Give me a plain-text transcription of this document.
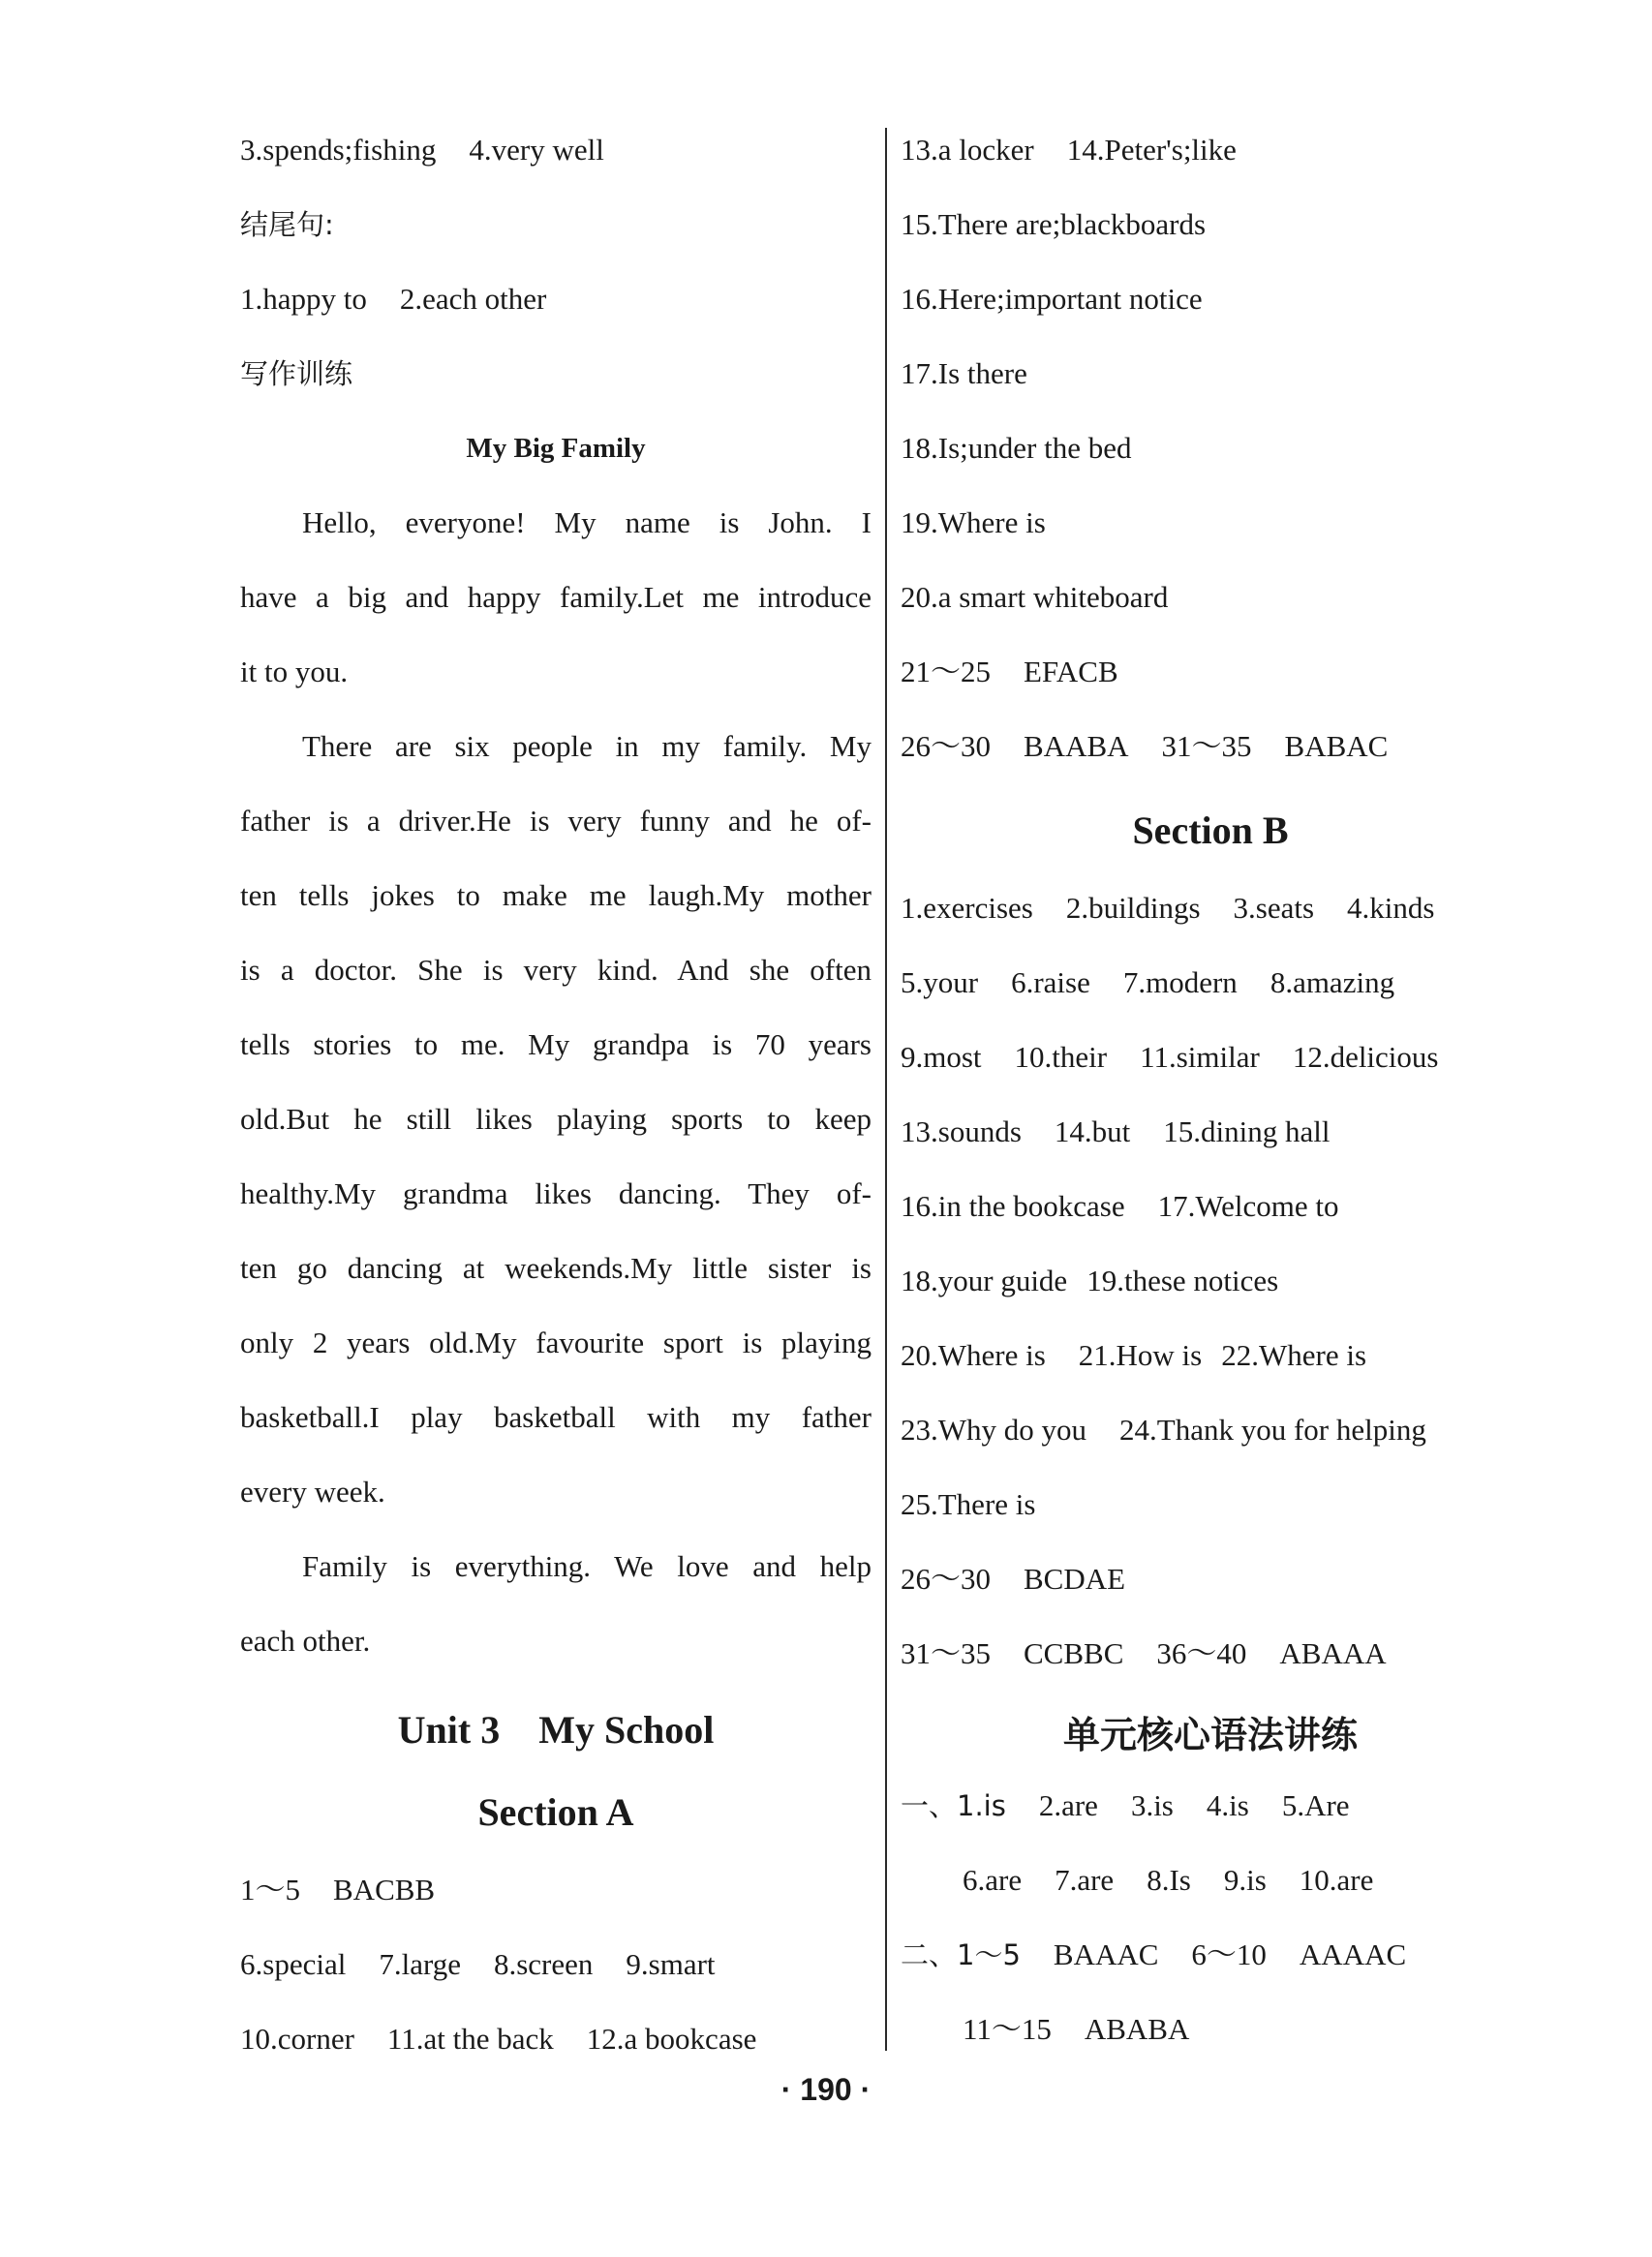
3.spends;fishing 4.very well
结尾句:
1.happy to 2.each other
写作训练
My Big Family
Hello, everyone! My name is John. I
have a big and happy family.Let me introduce
it to you.
There are six people in my family. My
father is a driver.He is very funny and he of-
ten tells jokes to make me laugh.My mother
is a doctor. She is very kind. And she often
tells stories to me. My grandpa is 70 years
old.But he still likes playing sports to keep
healthy.My grandma likes dancing. They of-
ten go dancing at weekends.My little sister is
only 2 years old.My favourite sport is playing
basketball.I play basketball with my father
every week.
Family is everything. We love and help
each other.
Unit 3    My School
Section A
1～5 BACBB
6.special 7.large 8.screen 9.smart
10.corner 11.at the back 12.a bookcase
13.a locker 14.Peter's;like
15.There are;blackboards
16.Here;important notice
17.Is there
18.Is;under the bed
19.Where is
20.a smart whiteboard
21～25 EFACB
26～30 BAABA 31～35 BABAC
Section B
1.exercises 2.buildings 3.seats 4.kinds
5.your 6.raise 7.modern 8.amazing
9.most 10.their 11.similar 12.delicious
13.sounds 14.but 15.dining hall
16.in the bookcase 17.Welcome to
18.your guide 19.these notices
20.Where is 21.How is 22.Where is
23.Why do you 24.Thank you for helping
25.There is
26～30 BCDAE
31～35 CCBBC 36～40 ABAAA
单元核心语法讲练
一、1.is 2.are 3.is 4.is 5.Are
6.are 7.are 8.Is 9.is 10.are
二、1～5 BAAAC 6～10 AAAAC
11～15 ABABA
· 190 ·
